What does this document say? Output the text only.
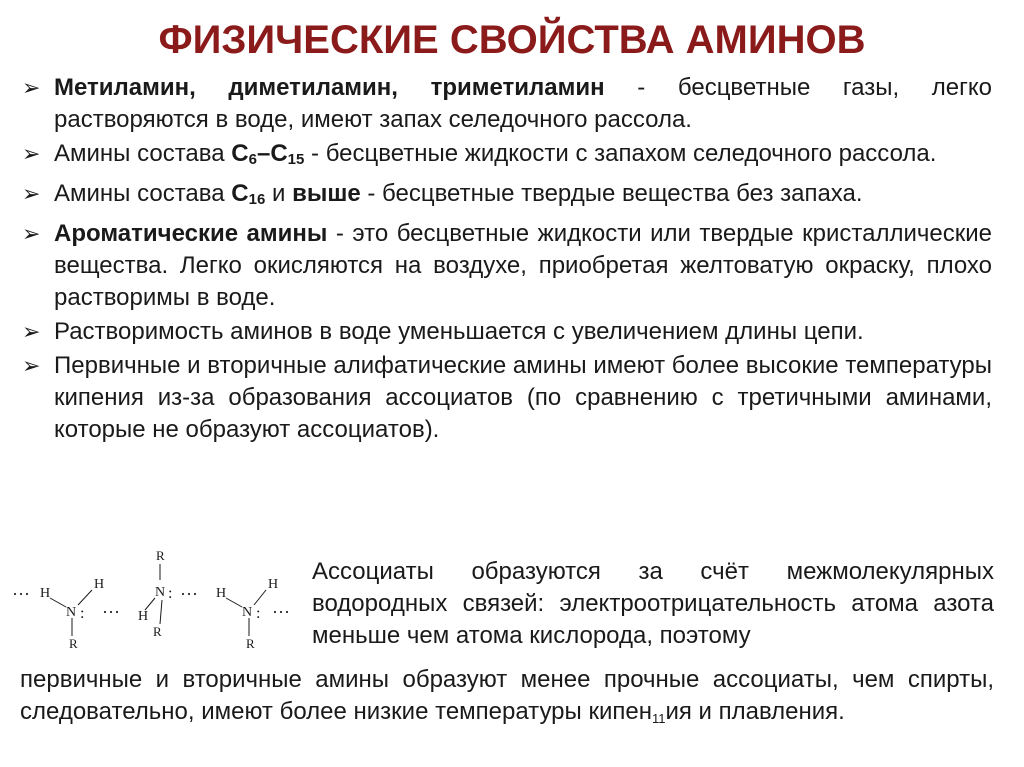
ФИЗИЧЕСКИЕ СВОЙСТВА АМИНОВ
➢ Метиламин, диметиламин, триметиламин - бесцветные газы, легко растворяются в воде, имеют запах селедочного рассола.
➢ Амины состава $C_6-C_{15}$ - бесцветные жидкости с запахом селедочного рассола.
➢ Амины состава $C_{16}$ и выше - бесцветные твердые вещества без запаха.
➢ Ароматические амины - это бесцветные жидкости или твердые кристаллические вещества. Легко окисляются на воздухе, приобретая желтоватую окраску, плохо растворимы в воде.
➢ Растворимость аминов в воде уменьшается с увеличением длины цепи.
➢ Первичные и вторичные алифатические амины имеют более высокие температуры кипения из-за образования ассоциатов (по сравнению с третичными аминами, которые не образуют ассоциатов).
··· H
H
N :
R
···
R
N :
H
R
··· H
H
N :
R
···

Ассоциаты образуются за счёт межмолекулярных водородных связей: электроотрицательность атома азота меньше чем атома кислорода, поэтому

первичные и вторичные амины образуют менее прочные ассоциаты, чем спирты, следовательно, имеют более низкие температуры кипен11ия и плавления.
